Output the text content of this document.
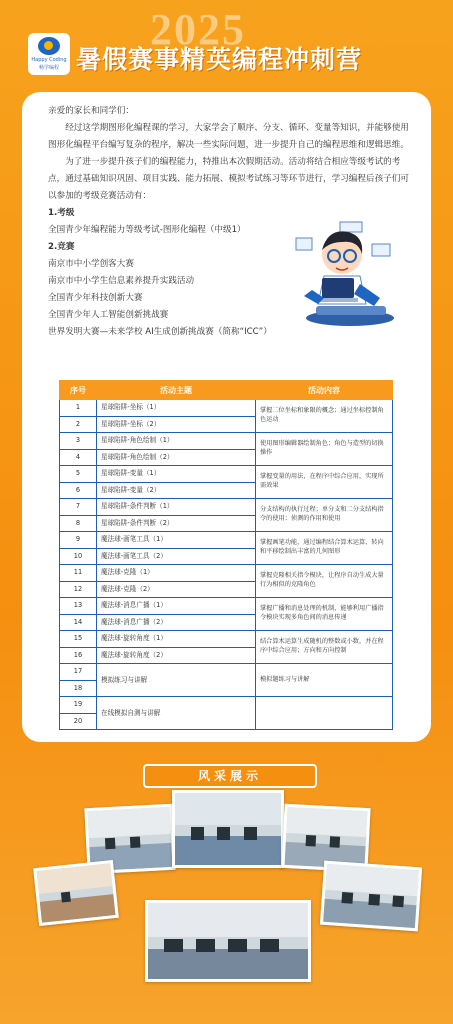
2025
Happy Coding
畅学编程 暑假赛事精英编程冲刺营

亲爱的家长和同学们：

经过这学期图形化编程课的学习，大家学会了顺序、分支、循环、变量等知识，并能够使用图形化编程平台编写复杂的程序，解决一些实际问题，进一步提升自己的编程思维和逻辑思维。

为了进一步提升孩子们的编程能力，特推出本次假期活动。活动将结合相应等级考试的考点，通过基础知识巩固、项目实践、能力拓展、模拟考试练习等环节进行，学习编程后孩子们可以参加的考级竞赛活动有：

1.考级

全国青少年编程能力等级考试-图形化编程（中级1）

2.竞赛

南京市中小学创客大赛

南京市中小学生信息素养提升实践活动

全国青少年科技创新大赛

全国青少年人工智能创新挑战赛

世界发明大赛—未来学校 AI生成创新挑战赛（简称“ICC”）

序号	活动主题	活动内容
1	星球陷阱-坐标（1）	掌握二位坐标和象限的概念；通过坐标控制角色运动
2	星球陷阱-坐标（2）	
3	星球陷阱-角色绘制（1）	使用图形编辑器绘制角色；角色与造型的切换操作
4	星球陷阱-角色绘制（2）	
5	星球陷阱-变量（1）	掌握变量的用法，在程序中综合应用，实现所需效果
6	星球陷阱-变量（2）	
7	星球陷阱-条件判断（1）	分支结构的执行过程；单分支和二分支结构指令的使用；侦测的作用和使用
8	星球陷阱-条件判断（2）	
9	魔法球-画笔工具（1）	掌握画笔功能，通过编程结合算术运算、转向和平移绘制出丰富的几何图形
10	魔法球-画笔工具（2）	
11	魔法球-克隆（1）	掌握克隆相关指令模块，让程序自动生成大量行为相似的克隆角色
12	魔法球-克隆（2）	
13	魔法球-消息广播（1）	掌握广播和消息处理的机制，能够利用广播指令模块实现多角色间的消息传递
14	魔法球-消息广播（2）	
15	魔法球-旋转角度（1）	结合算术运算生成随机的整数或小数，并在程序中综合应用；方向和方向控制
16	魔法球-旋转角度（2）	
17	模拟练习与讲解	模拟题练习与讲解
18		
19	在线模拟自测与讲解	
20		
风采展示
